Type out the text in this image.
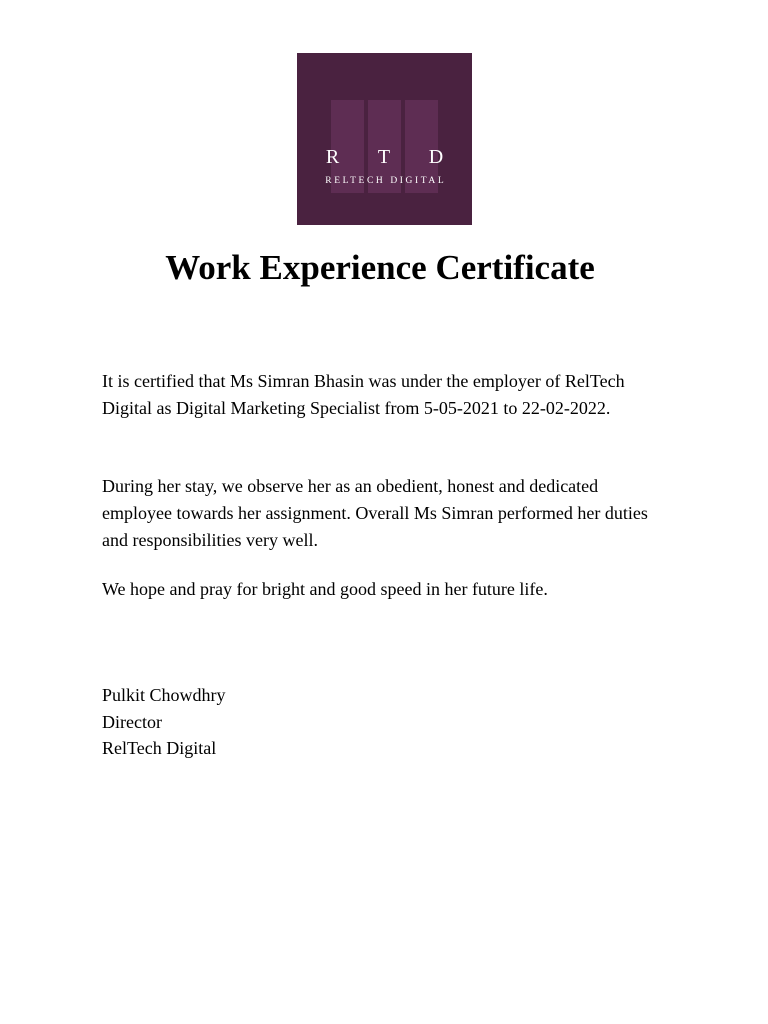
R T D
RELTECH DIGITAL
Work Experience Certificate

It is certified that Ms Simran Bhasin was under the employer of RelTech Digital as Digital Marketing Specialist from 5-05-2021 to 22-02-2022.

During her stay, we observe her as an obedient, honest and dedicated employee towards her assignment. Overall Ms Simran performed her duties and responsibilities very well.

We hope and pray for bright and good speed in her future life.

Pulkit Chowdhry
Director
RelTech Digital
